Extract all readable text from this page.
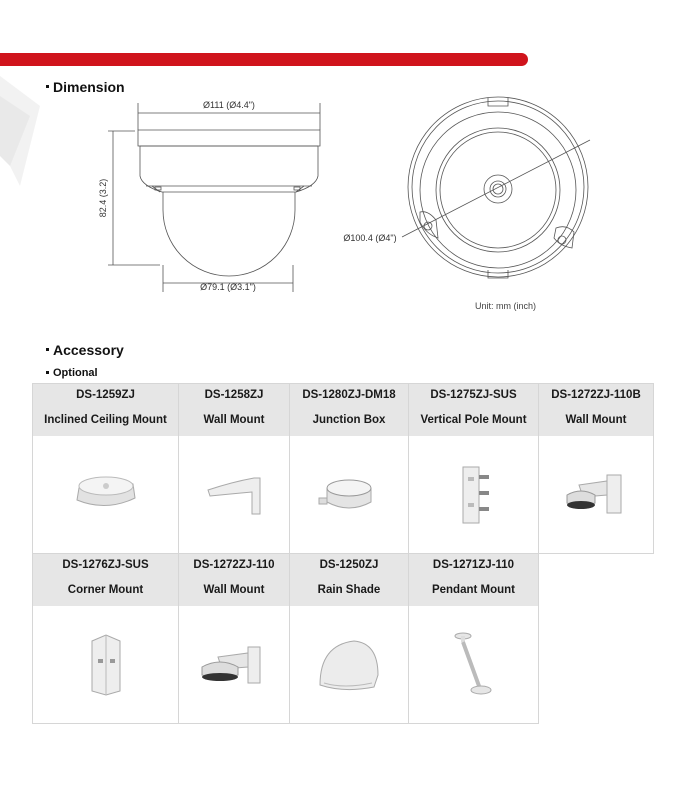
Dimension
Ø111 (Ø4.4")
82.4 (3.2)
Ø79.1 (Ø3.1")
Ø100.4 (Ø4")
Unit: mm (inch)
Accessory
Optional
DS-1259ZJ
Inclined Ceiling Mount
DS-1258ZJ
Wall Mount
DS-1280ZJ-DM18
Junction Box
DS-1275ZJ-SUS
Vertical Pole Mount
DS-1272ZJ-110B
Wall Mount
DS-1276ZJ-SUS
Corner Mount
DS-1272ZJ-110
Wall Mount
DS-1250ZJ
Rain Shade
DS-1271ZJ-110
Pendant Mount
